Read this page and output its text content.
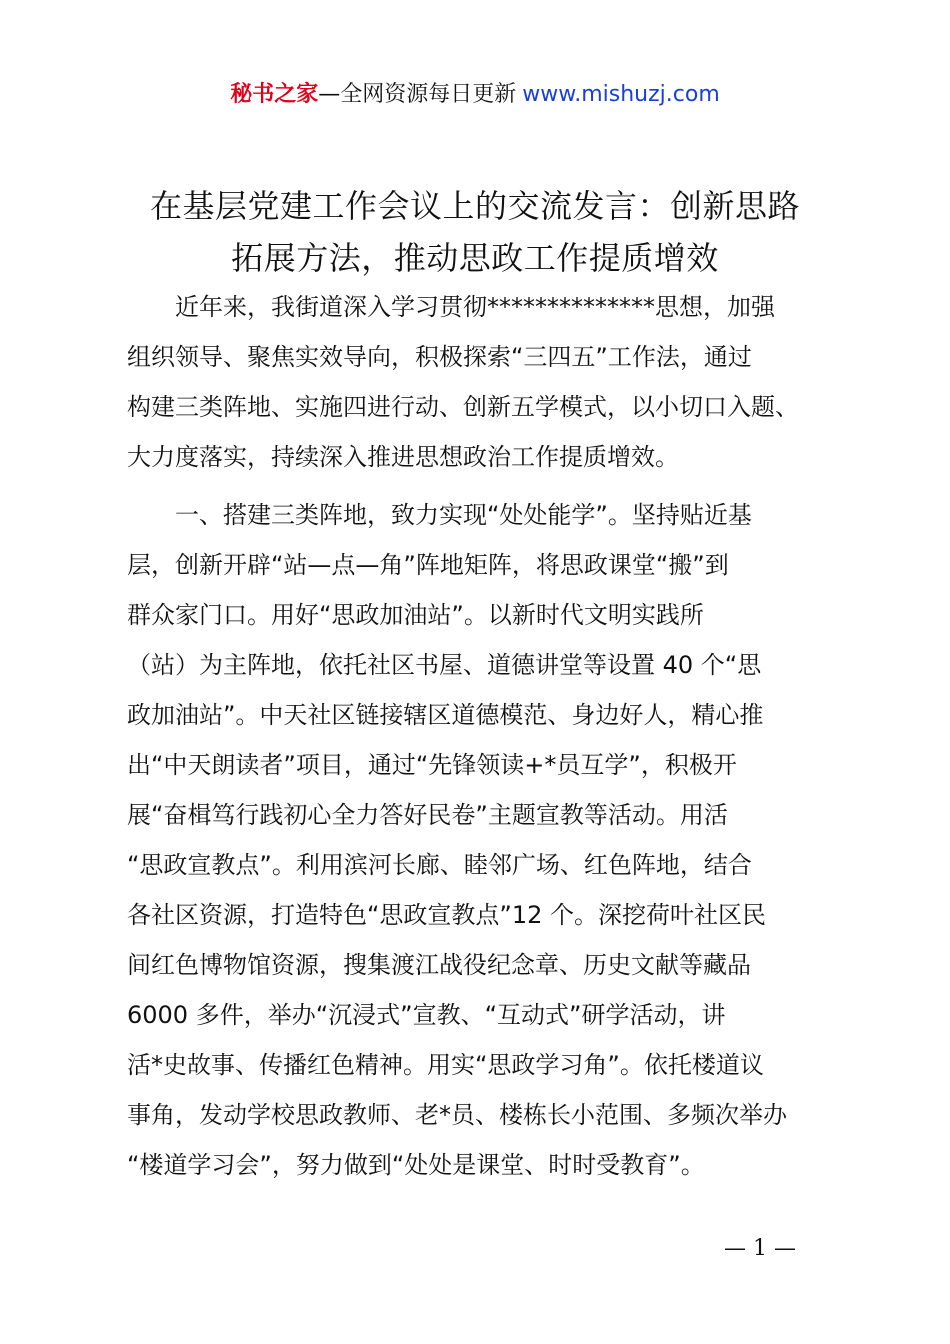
秘书之家—全网资源每日更新 www.mishuzj.com
在基层党建工作会议上的交流发言：创新思路
拓展方法，推动思政工作提质增效

　　近年来，我街道深入学习贯彻**************思想，加强
组织领导、聚焦实效导向，积极探索“三四五”工作法，通过
构建三类阵地、实施四进行动、创新五学模式，以小切口入题、
大力度落实，持续深入推进思想政治工作提质增效。

　　一、搭建三类阵地，致力实现“处处能学”。坚持贴近基
层，创新开辟“站—点—角”阵地矩阵，将思政课堂“搬”到
群众家门口。用好“思政加油站”。以新时代文明实践所
（站）为主阵地，依托社区书屋、道德讲堂等设置 40 个“思
政加油站”。中天社区链接辖区道德模范、身边好人，精心推
出“中天朗读者”项目，通过“先锋领读+*员互学”，积极开
展“奋楫笃行践初心全力答好民卷”主题宣教等活动。用活
“思政宣教点”。利用滨河长廊、睦邻广场、红色阵地，结合
各社区资源，打造特色“思政宣教点”12 个。深挖荷叶社区民
间红色博物馆资源，搜集渡江战役纪念章、历史文献等藏品
6000 多件，举办“沉浸式”宣教、“互动式”研学活动，讲
活*史故事、传播红色精神。用实“思政学习角”。依托楼道议
事角，发动学校思政教师、老*员、楼栋长小范围、多频次举办
“楼道学习会”，努力做到“处处是课堂、时时受教育”。

— 1 —
